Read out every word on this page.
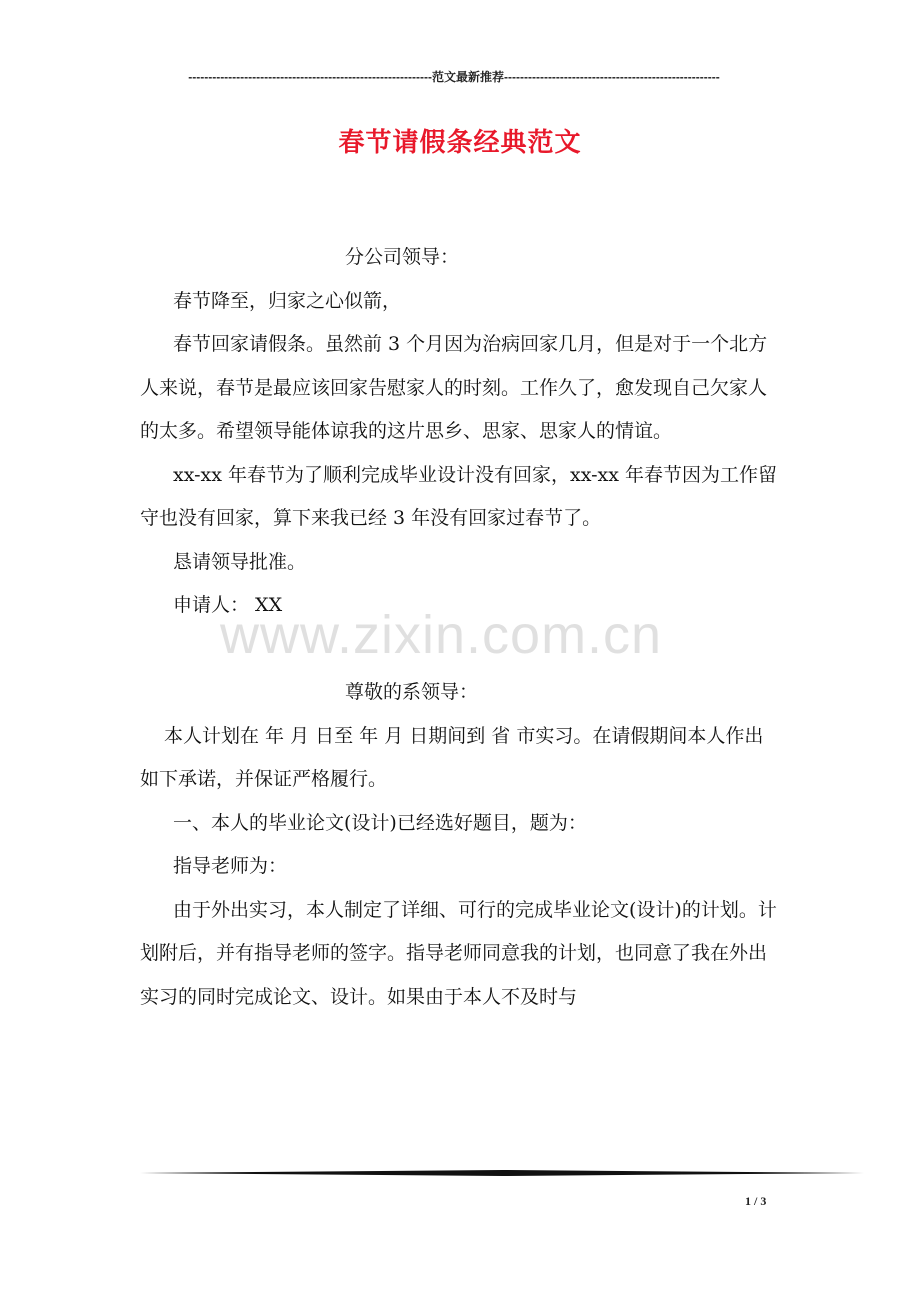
-------------------------------------------------------------范文最新推荐------------------------------------------------------
春节请假条经典范文

分公司领导：

春节降至，归家之心似箭，

春节回家请假条。虽然前 3 个月因为治病回家几月，但是对于一个北方人来说，春节是最应该回家告慰家人的时刻。工作久了，愈发现自己欠家人的太多。希望领导能体谅我的这片思乡、思家、思家人的情谊。

xx-xx 年春节为了顺利完成毕业设计没有回家，xx-xx 年春节因为工作留守也没有回家，算下来我已经 3 年没有回家过春节了。

恳请领导批准。

申请人： XX

尊敬的系领导：

本人计划在 年 月 日至 年 月 日期间到 省 市实习。在请假期间本人作出如下承诺，并保证严格履行。

一、本人的毕业论文(设计)已经选好题目，题为：

指导老师为：

由于外出实习，本人制定了详细、可行的完成毕业论文(设计)的计划。计划附后，并有指导老师的签字。指导老师同意我的计划，也同意了我在外出实习的同时完成论文、设计。如果由于本人不及时与

www.zixin.com.cn
1 / 3
